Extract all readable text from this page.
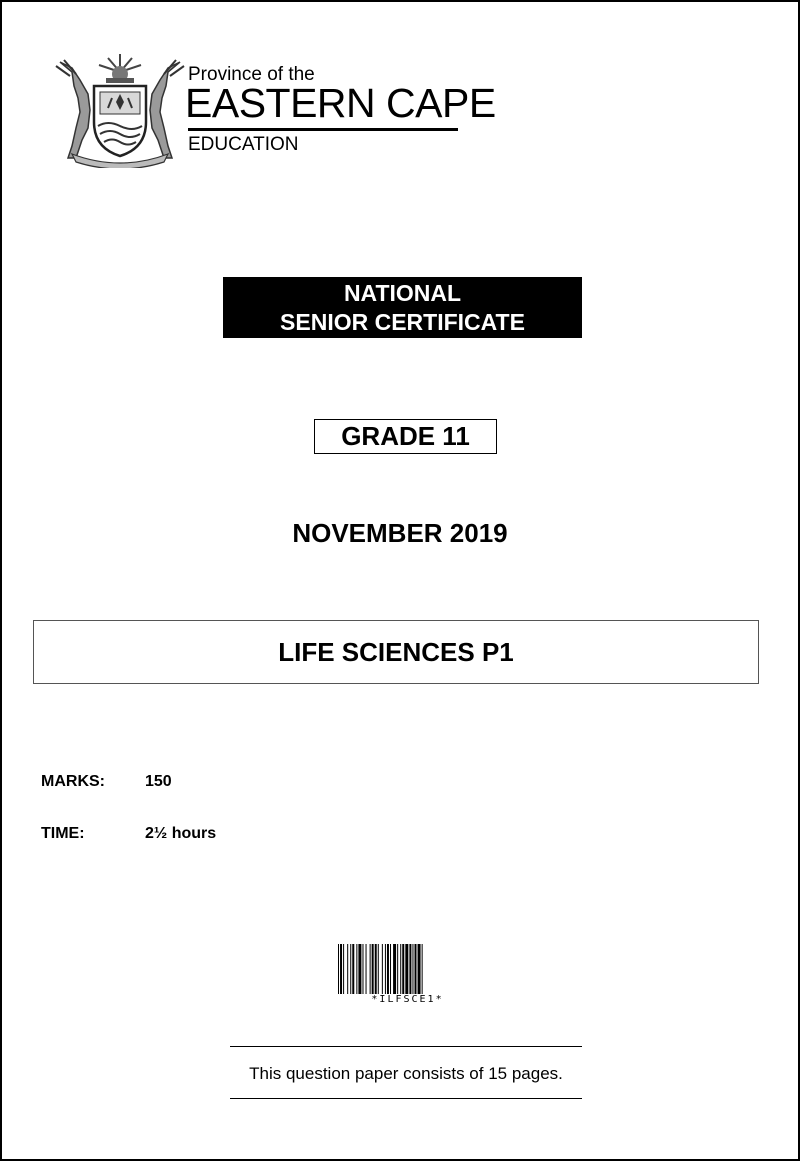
Province of the
EASTERN CAPE
EDUCATION
NATIONAL
SENIOR CERTIFICATE
GRADE 11
NOVEMBER 2019
LIFE SCIENCES P1
MARKS:	150
TIME:	2½ hours
*ILFSCE1*
This question paper consists of 15 pages.
